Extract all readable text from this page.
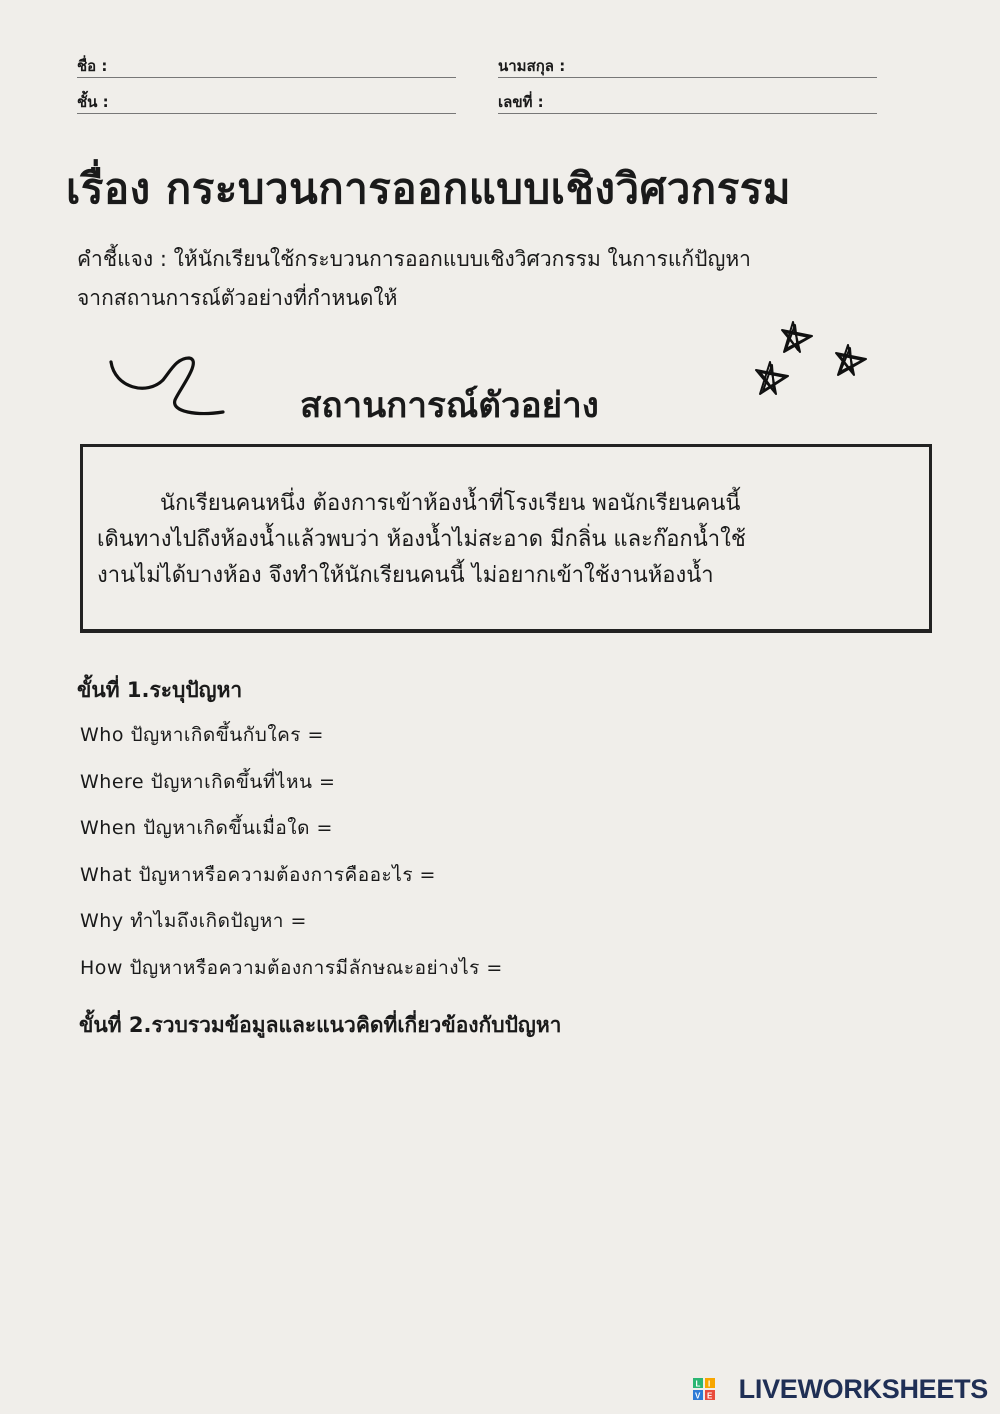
ชื่อ :	นามสกุล :
ชั้น :	เลขที่ :
เรื่อง กระบวนการออกแบบเชิงวิศวกรรม
คำชี้แจง : ให้นักเรียนใช้กระบวนการออกแบบเชิงวิศวกรรม ในการแก้ปัญหา
จากสถานการณ์ตัวอย่างที่กำหนดให้
สถานการณ์ตัวอย่าง
นักเรียนคนหนึ่ง ต้องการเข้าห้องน้ำที่โรงเรียน พอนักเรียนคนนี้
เดินทางไปถึงห้องน้ำแล้วพบว่า ห้องน้ำไม่สะอาด มีกลิ่น และก๊อกน้ำใช้
งานไม่ได้บางห้อง จึงทำให้นักเรียนคนนี้ ไม่อยากเข้าใช้งานห้องน้ำ
ขั้นที่ 1.ระบุปัญหา
Who ปัญหาเกิดขึ้นกับใคร =
Where ปัญหาเกิดขึ้นที่ไหน =
When ปัญหาเกิดขึ้นเมื่อใด =
What ปัญหาหรือความต้องการคืออะไร =
Why ทำไมถึงเกิดปัญหา =
How ปัญหาหรือความต้องการมีลักษณะอย่างไร =
ขั้นที่ 2.รวบรวมข้อมูลและแนวคิดที่เกี่ยวข้องกับปัญหา
L I
V E LIVEWORKSHEETS
